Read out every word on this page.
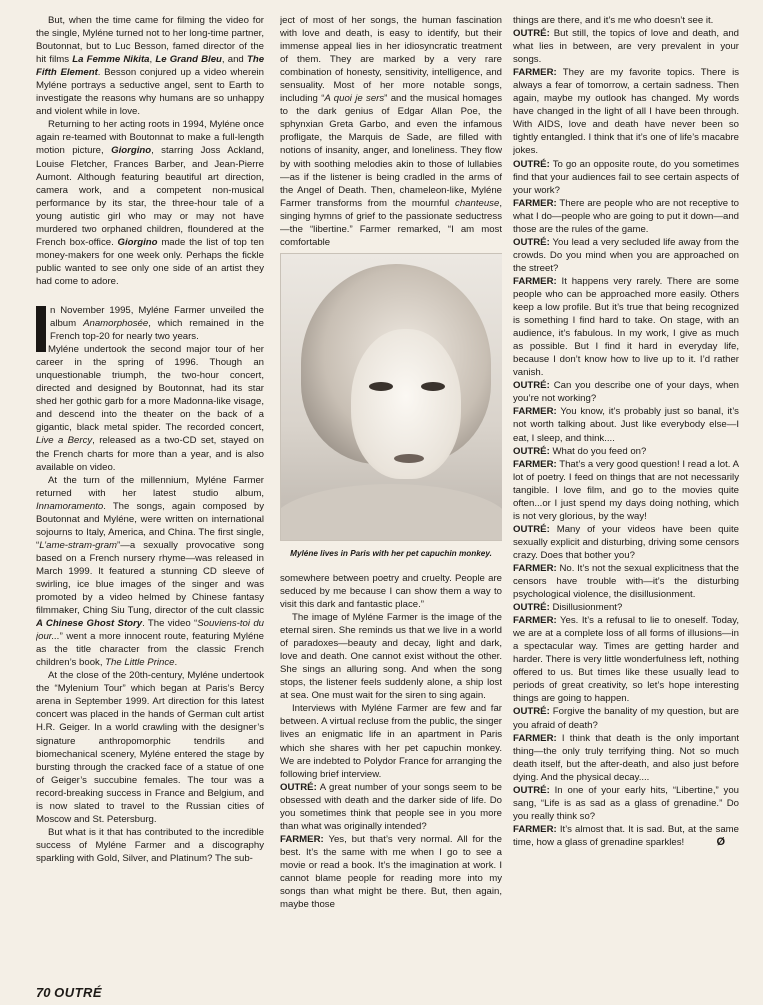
But, when the time came for filming the video for the single, Myléne turned not to her long-time partner, Boutonnat, but to Luc Besson, famed director of the hit films La Femme Nikita, Le Grand Bleu, and The Fifth Element. Besson conjured up a video wherein Myléne portrays a seductive angel, sent to Earth to investigate the reasons why humans are so unhappy and violent while in love.

Returning to her acting roots in 1994, Myléne once again re-teamed with Boutonnat to make a full-length motion picture, Giorgino, starring Joss Ackland, Louise Fletcher, Frances Barber, and Jean-Pierre Aumont. Although featuring beautiful art direction, camera work, and a competent non-musical performance by its star, the three-hour tale of a young autistic girl who may or may not have murdered two orphaned children, floundered at the French box-office. Giorgino made the list of top ten money-makers for one week only. Perhaps the fickle public wanted to see only one side of an artist they had come to adore.

n November 1995, Myléne Farmer unveiled the album Anamorphosée, which remained in the French top-20 for nearly two years.

Myléne undertook the second major tour of her career in the spring of 1996. Though an unquestionable triumph, the two-hour concert, directed and designed by Boutonnat, had its star shed her gothic garb for a more Madonna-like visage, and descend into the theater on the back of a gigantic, black metal spider. The recorded concert, Live a Bercy, released as a two-CD set, stayed on the French charts for more than a year, and is also available on video.

At the turn of the millennium, Myléne Farmer returned with her latest studio album, Innamoramento. The songs, again composed by Boutonnat and Myléne, were written on international sojourns to Italy, America, and China. The first single, “L’ame-stram-gram”—a sexually provocative song based on a French nursery rhyme—was released in March 1999. It featured a stunning CD sleeve of swirling, ice blue images of the singer and was promoted by a video helmed by Chinese fantasy filmmaker, Ching Siu Tung, director of the cult classic A Chinese Ghost Story. The video “Souviens-toi du jour...” went a more innocent route, featuring Myléne as the title character from the classic French children’s book, The Little Prince.

At the close of the 20th-century, Myléne undertook the “Mylenium Tour” which began at Paris’s Bercy arena in September 1999. Art direction for this latest concert was placed in the hands of German cult artist H.R. Geiger. In a world crawling with the designer’s signature anthropomorphic tendrils and biomechanical scenery, Myléne entered the stage by bursting through the cracked face of a statue of one of Geiger’s succubine females. The tour was a record-breaking success in France and Belgium, and is now slated to travel to the Russian cities of Moscow and St. Petersburg.

But what is it that has contributed to the incredible success of Myléne Farmer and a discography sparkling with Gold, Silver, and Platinum? The sub-

ject of most of her songs, the human fascination with love and death, is easy to identify, but their immense appeal lies in her idiosyncratic treatment of them. They are marked by a very rare combination of honesty, sensitivity, intelligence, and sensuality. Most of her more notable songs, including “A quoi je sers” and the musical homages to the dark genius of Edgar Allan Poe, the sphynxian Greta Garbo, and even the infamous profligate, the Marquis de Sade, are filled with notions of insanity, anger, and loneliness. They flow by with soothing melodies akin to those of lullabies—as if the listener is being cradled in the arms of the Angel of Death. Then, chameleon-like, Myléne Farmer transforms from the mournful chanteuse, singing hymns of grief to the passionate seductress—the “libertine.” Farmer remarked, “I am most comfortable

Myléne lives in Paris with her pet capuchin monkey.

somewhere between poetry and cruelty. People are seduced by me because I can show them a way to visit this dark and fantastic place.”

The image of Myléne Farmer is the image of the eternal siren. She reminds us that we live in a world of paradoxes—beauty and decay, light and dark, love and death. One cannot exist without the other. She sings an alluring song. And when the song stops, the listener feels suddenly alone, a ship lost at sea. One must wait for the siren to sing again.

Interviews with Myléne Farmer are few and far between. A virtual recluse from the public, the singer lives an enigmatic life in an apartment in Paris which she shares with her pet capuchin monkey. We are indebted to Polydor France for arranging the following brief interview.

OUTRÉ: A great number of your songs seem to be obsessed with death and the darker side of life. Do you sometimes think that people see in you more than what was originally intended?

FARMER: Yes, but that’s very normal. All for the best. It’s the same with me when I go to see a movie or read a book. It’s the imagination at work. I cannot blame people for reading more into my songs than what might be there. But, then again, maybe those

things are there, and it’s me who doesn’t see it.

OUTRÉ: But still, the topics of love and death, and what lies in between, are very prevalent in your songs.

FARMER: They are my favorite topics. There is always a fear of tomorrow, a certain sadness. Then again, maybe my outlook has changed. My words have changed in the light of all I have been through. With AIDS, love and death have never been so tightly entangled. I think that it’s one of life’s macabre jokes.

OUTRÉ: To go an opposite route, do you sometimes find that your audiences fail to see certain aspects of your work?

FARMER: There are people who are not receptive to what I do—people who are going to put it down—and those are the rules of the game.

OUTRÉ: You lead a very secluded life away from the crowds. Do you mind when you are approached on the street?

FARMER: It happens very rarely. There are some people who can be approached more easily. Others keep a low profile. But it’s true that being recognized is something I find hard to take. On stage, with an audience, it’s fabulous. In my work, I give as much as possible. But I find it hard in everyday life, because I don’t know how to live up to it. I’d rather vanish.

OUTRÉ: Can you describe one of your days, when you’re not working?

FARMER: You know, it’s probably just so banal, it’s not worth talking about. Just like everybody else—I eat, I sleep, and think....

OUTRÉ: What do you feed on?

FARMER: That’s a very good question! I read a lot. A lot of poetry. I feed on things that are not necessarily tangible. I love film, and go to the movies quite often...or I just spend my days doing nothing, which is not very glorious, by the way!

OUTRÉ: Many of your videos have been quite sexually explicit and disturbing, driving some censors crazy. Does that bother you?

FARMER: No. It’s not the sexual explicitness that the censors have trouble with—it’s the disturbing psychological violence, the disillusionment.

OUTRÉ: Disillusionment?

FARMER: Yes. It’s a refusal to lie to oneself. Today, we are at a complete loss of all forms of illusions—in a spectacular way. Times are getting harder and harder. There is very little wonderfulness left, nothing offered to us. But times like these usually lead to periods of great creativity, so let’s hope interesting things are going to happen.

OUTRÉ: Forgive the banality of my question, but are you afraid of death?

FARMER: I think that death is the only important thing—the only truly terrifying thing. Not so much death itself, but the after-death, and also just before dying. And the physical decay....

OUTRÉ: In one of your early hits, “Libertine,” you sang, “Life is as sad as a glass of grenadine.” Do you really think so?

FARMER: It’s almost that. It is sad. But, at the same time, how a glass of grenadine sparkles!	Ø

70 OUTRÉ
